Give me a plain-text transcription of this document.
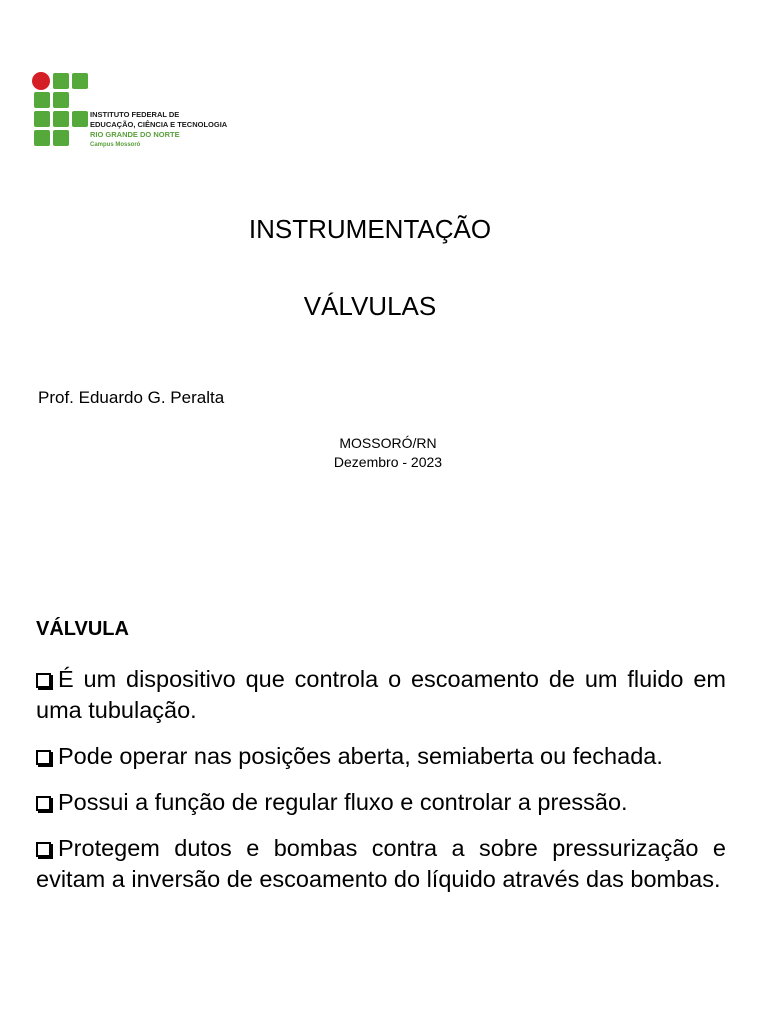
INSTITUTO FEDERAL DE
EDUCAÇÃO, CIÊNCIA E TECNOLOGIA
RIO GRANDE DO NORTE
Campus Mossoró
INSTRUMENTAÇÃO
VÁLVULAS
Prof. Eduardo G. Peralta
MOSSORÓ/RN
Dezembro - 2023
VÁLVULA
É um dispositivo que controla o escoamento de um fluido em uma tubulação.
Pode operar nas posições aberta, semiaberta ou fechada.
Possui a função de regular fluxo e controlar a pressão.
Protegem dutos e bombas contra a sobre pressurização e evitam a inversão de escoamento do líquido através das bombas.
